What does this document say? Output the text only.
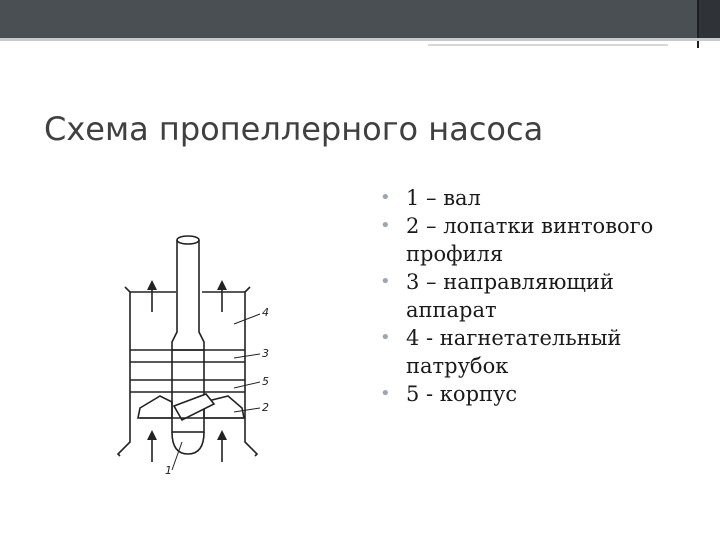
Схема пропеллерного насоса
• 1 – вал
• 2 – лопатки винтового профиля
• 3 – направляющий аппарат
• 4 - нагнетательный патрубок
• 5 - корпус
4
3
5
2
1
